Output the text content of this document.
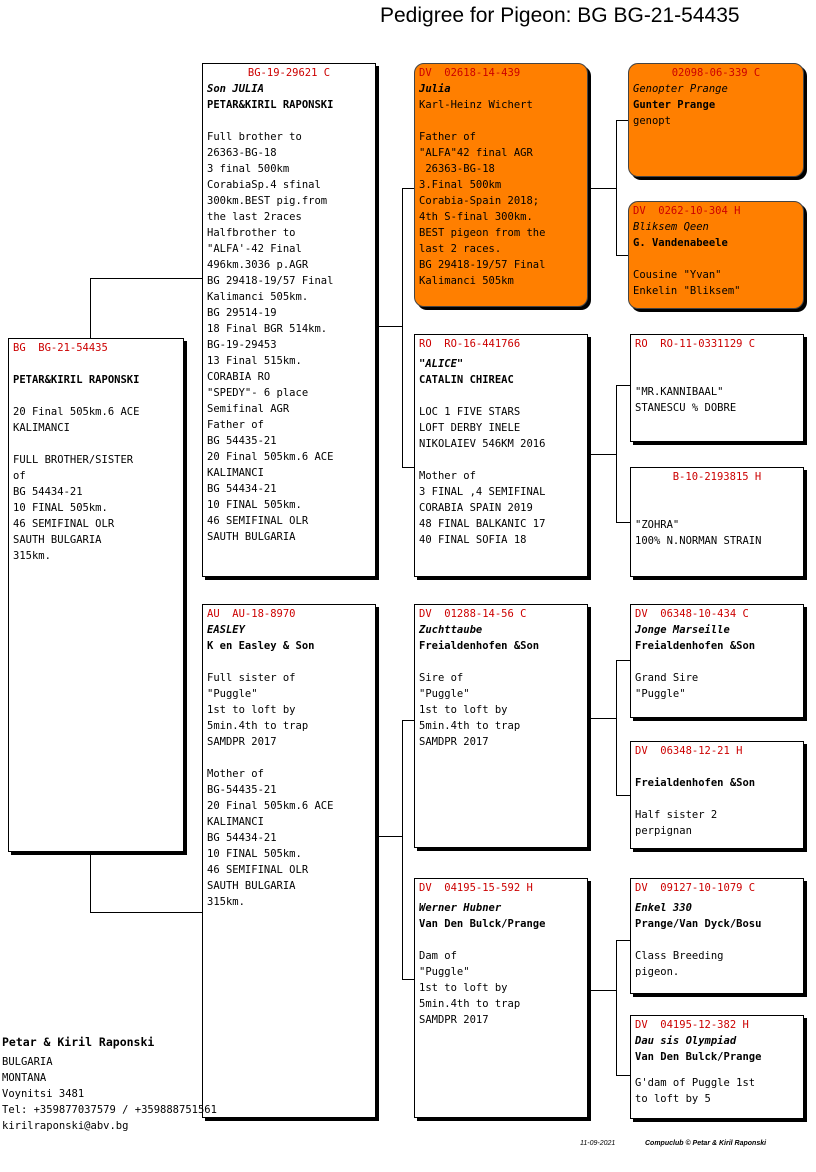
Pedigree for Pigeon: BG BG-21-54435
BG  BG-21-54435
PETAR&KIRIL RAPONSKI
20 Final 505km.6 ACE
KALIMANCI

FULL BROTHER/SISTER
of
BG 54434-21
10 FINAL 505km.
46 SEMIFINAL OLR
SAUTH BULGARIA
315km.
BG-19-29621 C
Son JULIA
PETAR&KIRIL RAPONSKI
Full brother to
26363-BG-18
3 final 500km
CorabiaSp.4 sfinal
300km.BEST pig.from
the last 2races
Halfbrother to
"ALFA'-42 Final
496km.3036 p.AGR
BG 29418-19/57 Final
Kalimanci 505km.
BG 29514-19
18 Final BGR 514km.
BG-19-29453
13 Final 515km.
CORABIA RO
"SPEDY"- 6 place
Semifinal AGR
Father of
BG 54435-21
20 Final 505km.6 ACE
KALIMANCI
BG 54434-21
10 FINAL 505km.
46 SEMIFINAL OLR
SAUTH BULGARIA
AU  AU-18-8970
EASLEY
K en Easley & Son
Full sister of
"Puggle"
1st to loft by
5min.4th to trap
SAMDPR 2017

Mother of
BG-54435-21
20 Final 505km.6 ACE
KALIMANCI
BG 54434-21
10 FINAL 505km.
46 SEMIFINAL OLR
SAUTH BULGARIA
315km.
DV  02618-14-439
Julia
Karl-Heinz Wichert
Father of
"ALFA"42 final AGR
26363-BG-18
3.Final 500km
Corabia-Spain 2018;
4th S-final 300km.
BEST pigeon from the
last 2 races.
BG 29418-19/57 Final
Kalimanci 505km
RO  RO-16-441766
"ALICE"
CATALIN CHIREAC
LOC 1 FIVE STARS
LOFT DERBY INELE
NIKOLAIEV 546KM 2016

Mother of
3 FINAL ,4 SEMIFINAL
CORABIA SPAIN 2019
48 FINAL BALKANIC 17
40 FINAL SOFIA 18
DV  01288-14-56 C
Zuchttaube
Freialdenhofen &Son
Sire of
"Puggle"
1st to loft by
5min.4th to trap
SAMDPR 2017
DV  04195-15-592 H
Werner Hubner
Van Den Bulck/Prange
Dam of
"Puggle"
1st to loft by
5min.4th to trap
SAMDPR 2017
02098-06-339 C
Genopter Prange
Gunter Prange
genopt
DV  0262-10-304 H
Bliksem Qeen
G. Vandenabeele
Cousine "Yvan"
Enkelin "Bliksem"
RO  RO-11-0331129 C
"MR.KANNIBAAL"
STANESCU % DOBRE
B-10-2193815 H
"ZOHRA"
100% N.NORMAN STRAIN
DV  06348-10-434 C
Jonge Marseille
Freialdenhofen &Son
Grand Sire
"Puggle"
DV  06348-12-21 H
Freialdenhofen &Son
Half sister 2
perpignan
DV  09127-10-1079 C
Enkel 330
Prange/Van Dyck/Bosu
Class Breeding
pigeon.
DV  04195-12-382 H
Dau sis Olympiad
Van Den Bulck/Prange
G'dam of Puggle 1st
to loft by 5
Petar & Kiril Raponski
BULGARIA
MONTANA
Voynitsi 3481
Tel: +359877037579 / +359888751561
kirilraponski@abv.bg
11-09-2021	Compuclub © Petar & Kiril Raponski
